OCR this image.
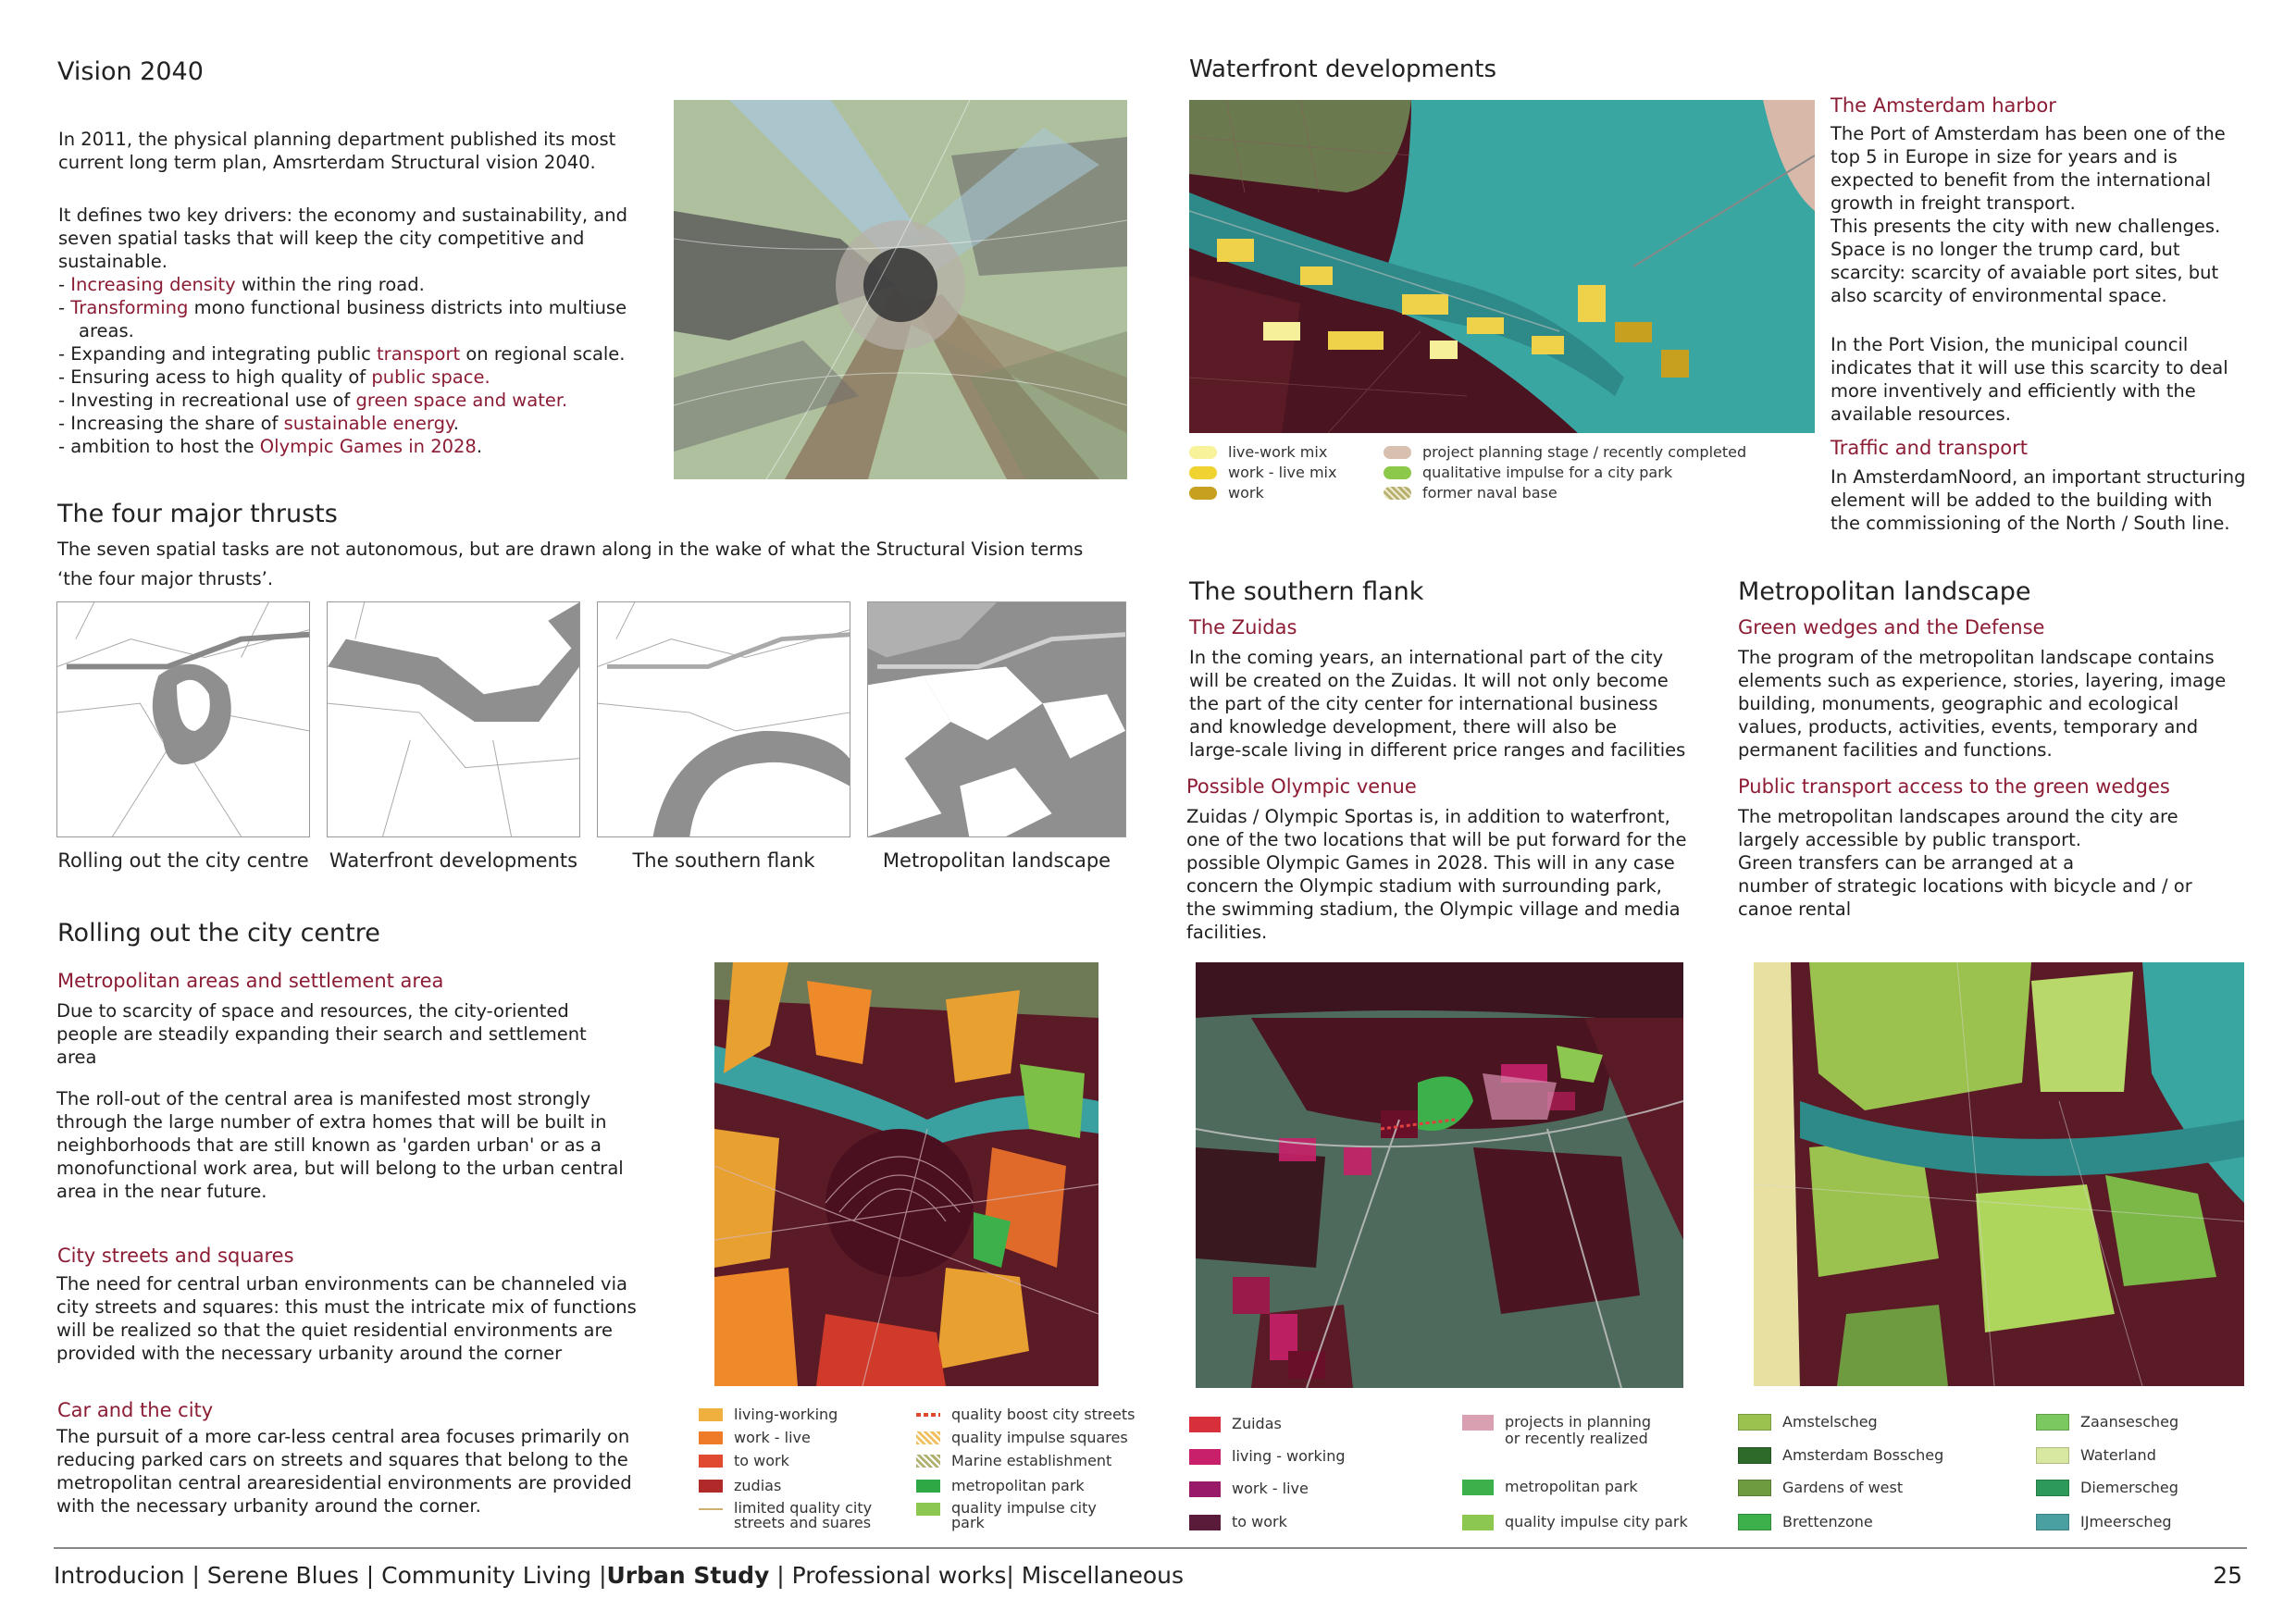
Vision 2040
In 2011, the physical planning department published its most
current long term plan, Amsrterdam Structural vision 2040.
It defines two key drivers: the economy and sustainability, and
seven spatial tasks that will keep the city competitive and
sustainable.
- Increasing density within the ring road.
- Transforming mono functional business districts into multiuse
areas.
- Expanding and integrating public transport on regional scale.
- Ensuring acess to high quality of public space.
- Investing in recreational use of green space and water.
- Increasing the share of sustainable energy.
- ambition to host the Olympic Games in 2028.
The four major thrusts
The seven spatial tasks are not autonomous, but are drawn along in the wake of what the Structural Vision terms
‘the four major thrusts’.
Rolling out the city centre Waterfront developments	The southern flank	Metropolitan landscape
Rolling out the city centre
Metropolitan areas and settlement area
Due to scarcity of space and resources, the city-oriented
people are steadily expanding their search and settlement
area
The roll-out of the central area is manifested most strongly
through the large number of extra homes that will be built in
neighborhoods that are still known as 'garden urban' or as a
monofunctional work area, but will belong to the urban central
area in the near future.
City streets and squares
The need for central urban environments can be channeled via
city streets and squares: this must the intricate mix of functions
will be realized so that the quiet residential environments are
provided with the necessary urbanity around the corner
Car and the city
The pursuit of a more car-less central area focuses primarily on
reducing parked cars on streets and squares that belong to the
metropolitan central arearesidential environments are provided
with the necessary urbanity around the corner.
living-working
work - live
to work
zudias
limited quality city streets and suares
quality boost city streets
quality impulse squares
Marine establishment
metropolitan park
quality impulse city park
Waterfront developments
live-work mix
work - live mix
work
project planning stage / recently completed
qualitative impulse for a city park
former naval base
The Amsterdam harbor
The Port of Amsterdam has been one of the
top 5 in Europe in size for years and is
expected to benefit from the international
growth in freight transport.
This presents the city with new challenges.
Space is no longer the trump card, but
scarcity: scarcity of avaiable port sites, but
also scarcity of environmental space.
In the Port Vision, the municipal council
indicates that it will use this scarcity to deal
more inventively and efficiently with the
available resources.
Traffic and transport
In AmsterdamNoord, an important structuring
element will be added to the building with
the commissioning of the North / South line.
The southern flank
The Zuidas
In the coming years, an international part of the city
will be created on the Zuidas. It will not only become
the part of the city center for international business
and knowledge development, there will also be
large-scale living in different price ranges and facilities
Possible Olympic venue
Zuidas / Olympic Sportas is, in addition to waterfront,
one of the two locations that will be put forward for the
possible Olympic Games in 2028. This will in any case
concern the Olympic stadium with surrounding park,
the swimming stadium, the Olympic village and media
facilities.
Zuidas
living - working
work - live
to work
projects in planning or recently realized
metropolitan park
quality impulse city park
Metropolitan landscape
Green wedges and the Defense
The program of the metropolitan landscape contains
elements such as experience, stories, layering, image
building, monuments, geographic and ecological
values, products, activities, events, temporary and
permanent facilities and functions.
Public transport access to the green wedges
The metropolitan landscapes around the city are
largely accessible by public transport.
Green transfers can be arranged at a
number of strategic locations with bicycle and / or
canoe rental
Amstelscheg
Amsterdam Bosscheg
Gardens of west
Brettenzone
Zaansescheg
Waterland
Diemerscheg
IJmeerscheg
Introducion | Serene Blues | Community Living |Urban Study | Professional works| Miscellaneous	25
